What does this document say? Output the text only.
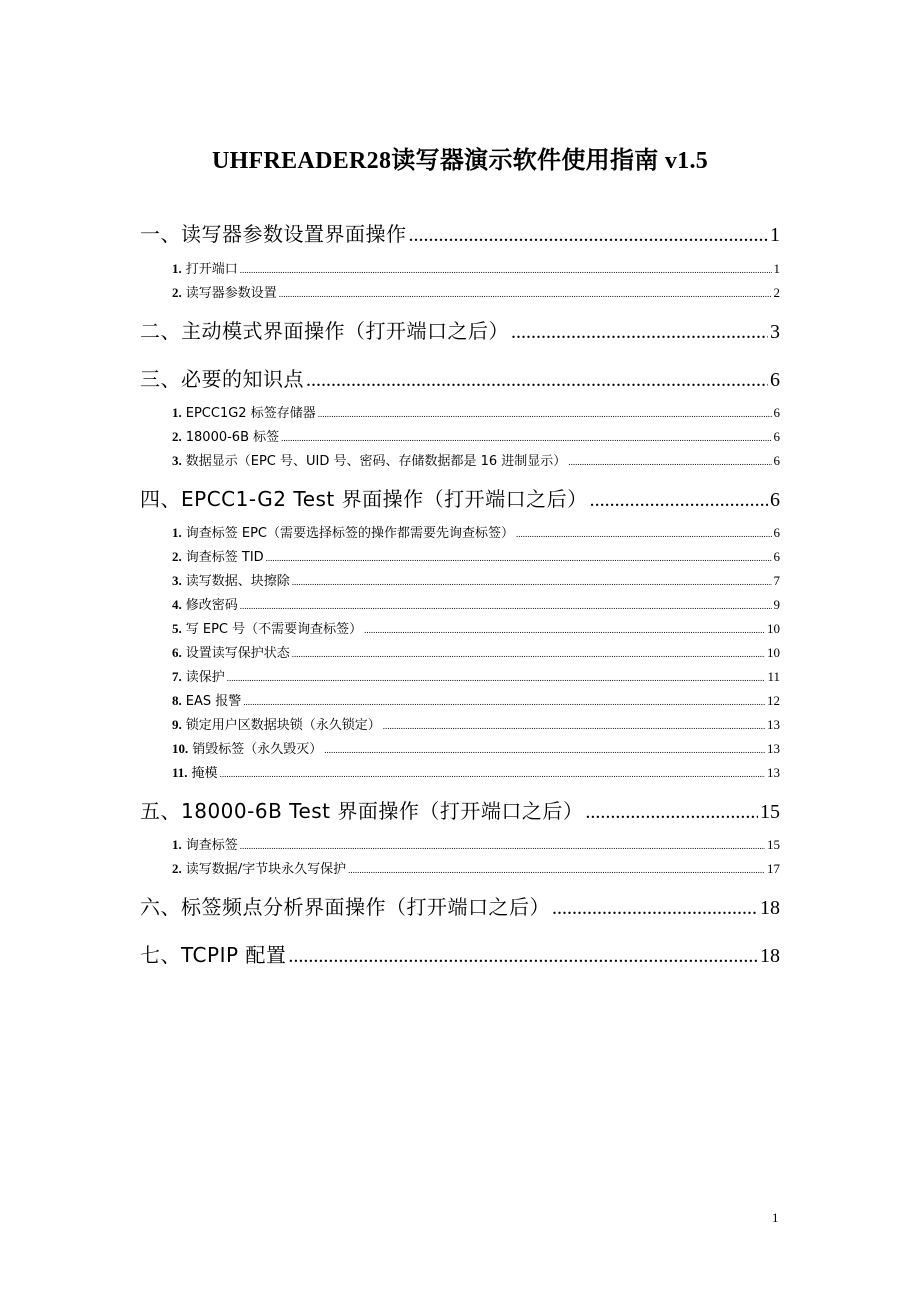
UHFREADER28读写器演示软件使用指南 v1.5
一、读写器参数设置界面操作 .....	1
1. 打开端口 .....	1
2. 读写器参数设置 .....	2
二、主动模式界面操作（打开端口之后） .....	3
三、必要的知识点 .....	6
1. EPCC1G2 标签存储器 .....	6
2. 18000-6B 标签 .....	6
3. 数据显示（EPC 号、UID 号、密码、存储数据都是 16 进制显示） .....	6
四、EPCC1-G2 Test 界面操作（打开端口之后） .....	6
1. 询查标签 EPC（需要选择标签的操作都需要先询查标签） .....	6
2. 询查标签 TID .....	6
3. 读写数据、块擦除 .....	7
4. 修改密码 .....	9
5. 写 EPC 号（不需要询查标签） .....	10
6. 设置读写保护状态 .....	10
7. 读保护 .....	11
8. EAS 报警 .....	12
9. 锁定用户区数据块锁（永久锁定） .....	13
10. 销毁标签（永久毁灭） .....	13
11. 掩模 .....	13
五、18000-6B Test 界面操作（打开端口之后） .....	15
1. 询查标签 .....	15
2. 读写数据/字节块永久写保护 .....	17
六、标签频点分析界面操作（打开端口之后） .....	18
七、TCPIP 配置 .....	18
1
